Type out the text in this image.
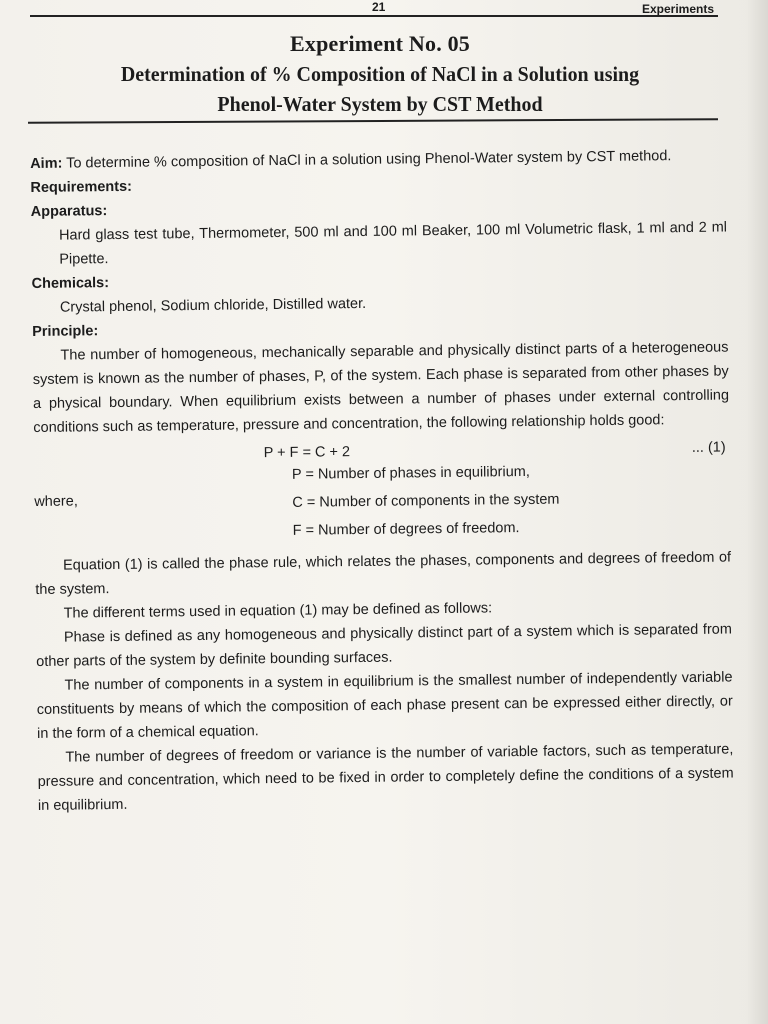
21	Experiments
Experiment No. 05
Determination of % Composition of NaCl in a Solution using
Phenol-Water System by CST Method

Aim: To determine % composition of NaCl in a solution using Phenol-Water system by CST method.

Requirements:

Apparatus:

Hard glass test tube, Thermometer, 500 ml and 100 ml Beaker, 100 ml Volumetric flask, 1 ml and 2 ml Pipette.

Chemicals:

Crystal phenol, Sodium chloride, Distilled water.

Principle:

The number of homogeneous, mechanically separable and physically distinct parts of a heterogeneous system is known as the number of phases, P, of the system. Each phase is separated from other phases by a physical boundary. When equilibrium exists between a number of phases under external controlling conditions such as temperature, pressure and concentration, the following relationship holds good:

P + F = C + 2	... (1)
where,
P = Number of phases in equilibrium,
C = Number of components in the system
F = Number of degrees of freedom.

Equation (1) is called the phase rule, which relates the phases, components and degrees of freedom of the system.

The different terms used in equation (1) may be defined as follows:

Phase is defined as any homogeneous and physically distinct part of a system which is separated from other parts of the system by definite bounding surfaces.

The number of components in a system in equilibrium is the smallest number of independently variable constituents by means of which the composition of each phase present can be expressed either directly, or in the form of a chemical equation.

The number of degrees of freedom or variance is the number of variable factors, such as temperature, pressure and concentration, which need to be fixed in order to completely define the conditions of a system in equilibrium.
